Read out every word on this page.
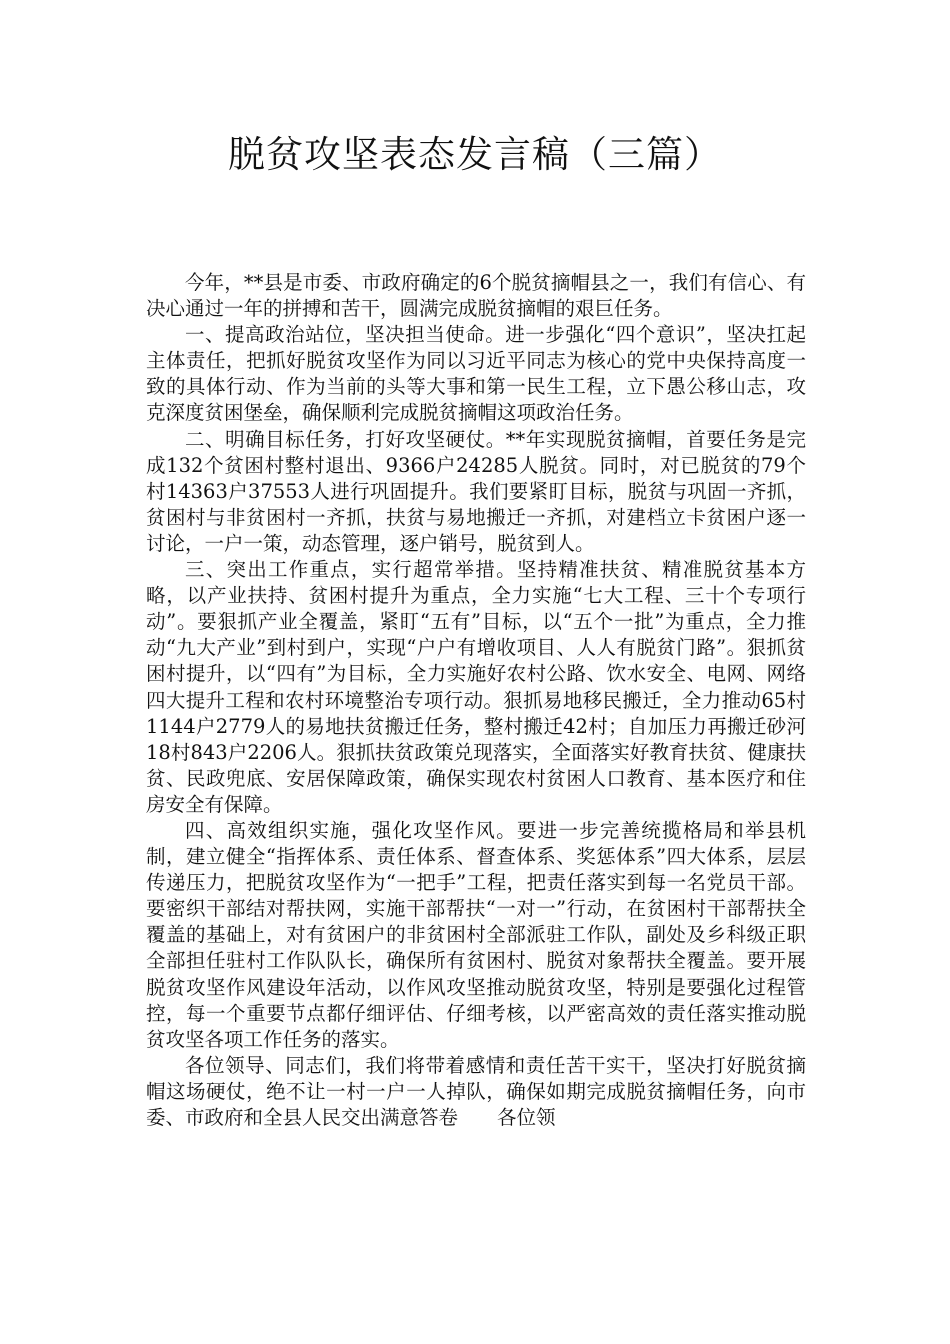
脱贫攻坚表态发言稿（三篇）

今年，**县是市委、市政府确定的6个脱贫摘帽县之一，我们有信心、有决心通过一年的拼搏和苦干，圆满完成脱贫摘帽的艰巨任务。

一、提高政治站位，坚决担当使命。进一步强化“四个意识”，坚决扛起主体责任，把抓好脱贫攻坚作为同以习近平同志为核心的党中央保持高度一致的具体行动、作为当前的头等大事和第一民生工程，立下愚公移山志，攻克深度贫困堡垒，确保顺利完成脱贫摘帽这项政治任务。

二、明确目标任务，打好攻坚硬仗。**年实现脱贫摘帽，首要任务是完成132个贫困村整村退出、9366户24285人脱贫。同时，对已脱贫的79个村14363户37553人进行巩固提升。我们要紧盯目标，脱贫与巩固一齐抓，贫困村与非贫困村一齐抓，扶贫与易地搬迁一齐抓，对建档立卡贫困户逐一讨论，一户一策，动态管理，逐户销号，脱贫到人。

三、突出工作重点，实行超常举措。坚持精准扶贫、精准脱贫基本方略，以产业扶持、贫困村提升为重点，全力实施“七大工程、三十个专项行动”。要狠抓产业全覆盖，紧盯“五有”目标，以“五个一批”为重点，全力推动“九大产业”到村到户，实现“户户有增收项目、人人有脱贫门路”。狠抓贫困村提升，以“四有”为目标，全力实施好农村公路、饮水安全、电网、网络四大提升工程和农村环境整治专项行动。狠抓易地移民搬迁，全力推动65村1144户2779人的易地扶贫搬迁任务，整村搬迁42村；自加压力再搬迁砂河18村843户2206人。狠抓扶贫政策兑现落实，全面落实好教育扶贫、健康扶贫、民政兜底、安居保障政策，确保实现农村贫困人口教育、基本医疗和住房安全有保障。

四、高效组织实施，强化攻坚作风。要进一步完善统揽格局和举县机制，建立健全“指挥体系、责任体系、督查体系、奖惩体系”四大体系，层层传递压力，把脱贫攻坚作为“一把手”工程，把责任落实到每一名党员干部。要密织干部结对帮扶网，实施干部帮扶“一对一”行动，在贫困村干部帮扶全覆盖的基础上，对有贫困户的非贫困村全部派驻工作队，副处及乡科级正职全部担任驻村工作队队长，确保所有贫困村、脱贫对象帮扶全覆盖。要开展脱贫攻坚作风建设年活动，以作风攻坚推动脱贫攻坚，特别是要强化过程管控，每一个重要节点都仔细评估、仔细考核，以严密高效的责任落实推动脱贫攻坚各项工作任务的落实。

各位领导、同志们，我们将带着感情和责任苦干实干，坚决打好脱贫摘帽这场硬仗，绝不让一村一户一人掉队，确保如期完成脱贫摘帽任务，向市委、市政府和全县人民交出满意答卷　　各位领
